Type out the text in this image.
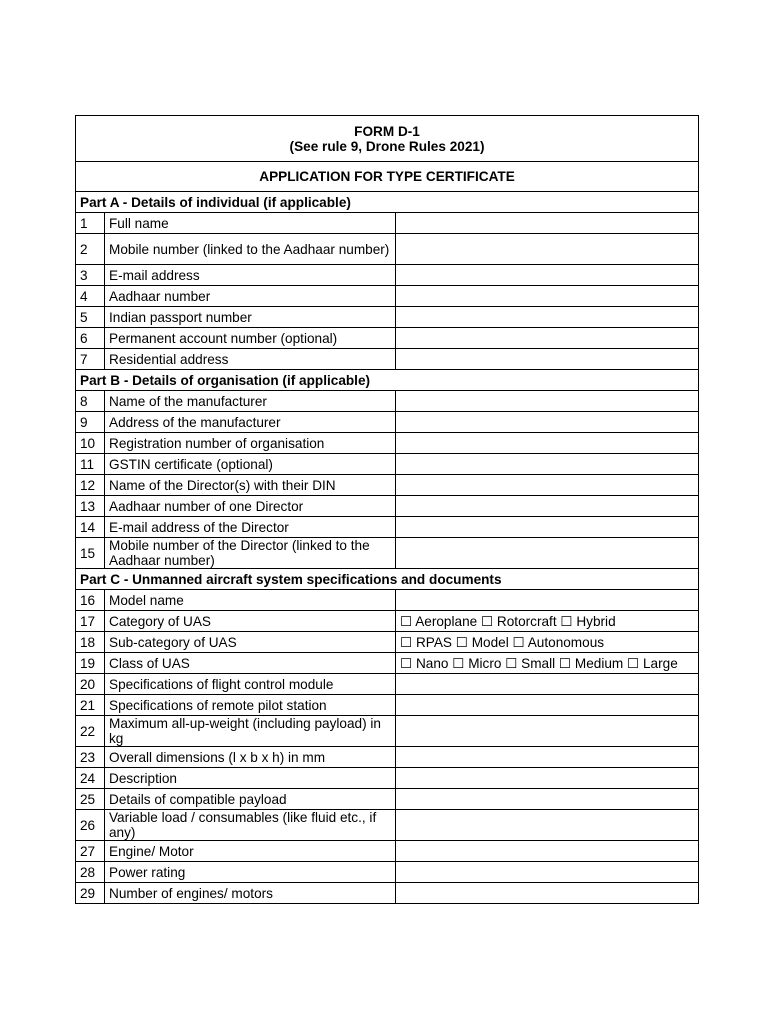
FORM D-1
(See rule 9, Drone Rules 2021)		

APPLICATION FOR TYPE CERTIFICATE		
Part A - Details of individual (if applicable)		
1	Full name	
2	Mobile number (linked to the Aadhaar number)	
3	E-mail address	
4	Aadhaar number	
5	Indian passport number	
6	Permanent account number (optional)	
7	Residential address	
Part B - Details of organisation (if applicable)		
8	Name of the manufacturer	
9	Address of the manufacturer	
10	Registration number of organisation	
11	GSTIN certificate (optional)	
12	Name of the Director(s) with their DIN	
13	Aadhaar number of one Director	
14	E-mail address of the Director	
15	Mobile number of the Director (linked to the Aadhaar number)	
Part C - Unmanned aircraft system specifications and documents		
16	Model name	
17	Category of UAS	☐ Aeroplane ☐ Rotorcraft ☐ Hybrid
18	Sub-category of UAS	☐ RPAS ☐ Model ☐ Autonomous
19	Class of UAS	☐ Nano ☐ Micro ☐ Small ☐ Medium ☐ Large
20	Specifications of flight control module	
21	Specifications of remote pilot station	
22	Maximum all-up-weight (including payload) in kg	
23	Overall dimensions (l x b x h) in mm	
24	Description	
25	Details of compatible payload	
26	Variable load / consumables (like fluid etc., if any)	
27	Engine/ Motor	
28	Power rating	
29	Number of engines/ motors	
